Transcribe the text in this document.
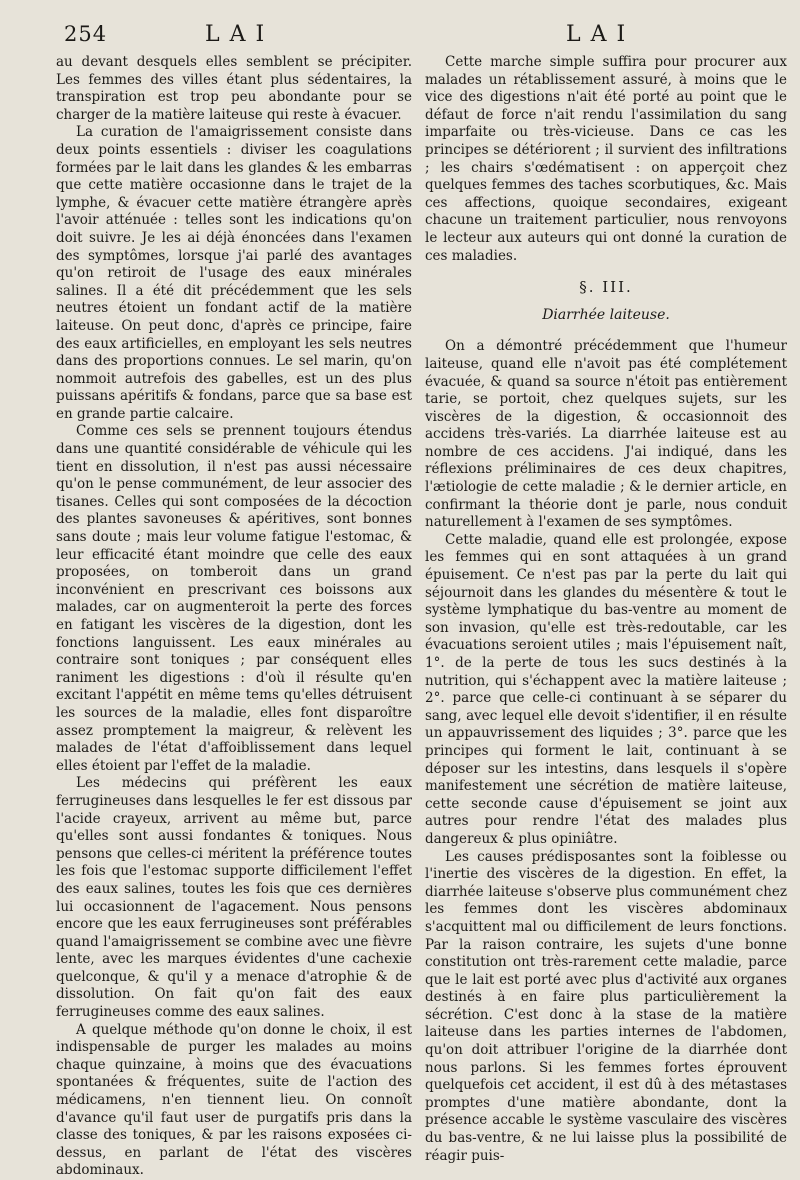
254	LAI	LAI

au devant desquels elles semblent se précipiter. Les femmes des villes étant plus sédentaires, la transpiration est trop peu abondante pour se charger de la matière laiteuse qui reste à évacuer.

La curation de l'amaigrissement consiste dans deux points essentiels : diviser les coagulations formées par le lait dans les glandes & les embarras que cette matière occasionne dans le trajet de la lymphe, & évacuer cette matière étrangère après l'avoir atténuée : telles sont les indications qu'on doit suivre. Je les ai déjà énoncées dans l'examen des symptômes, lorsque j'ai parlé des avantages qu'on retiroit de l'usage des eaux minérales salines. Il a été dit précédemment que les sels neutres étoient un fondant actif de la matière laiteuse. On peut donc, d'après ce principe, faire des eaux artificielles, en employant les sels neutres dans des proportions connues. Le sel marin, qu'on nommoit autrefois des gabelles, est un des plus puissans apéritifs & fondans, parce que sa base est en grande partie calcaire.

Comme ces sels se prennent toujours étendus dans une quantité considérable de véhicule qui les tient en dissolution, il n'est pas aussi nécessaire qu'on le pense communément, de leur associer des tisanes. Celles qui sont composées de la décoction des plantes savoneuses & apéritives, sont bonnes sans doute ; mais leur volume fatigue l'estomac, & leur efficacité étant moindre que celle des eaux proposées, on tomberoit dans un grand inconvénient en prescrivant ces boissons aux malades, car on augmenteroit la perte des forces en fatigant les viscères de la digestion, dont les fonctions languissent. Les eaux minérales au contraire sont toniques ; par conséquent elles raniment les digestions : d'où il résulte qu'en excitant l'appétit en même tems qu'elles détruisent les sources de la maladie, elles font disparoître assez promptement la maigreur, & relèvent les malades de l'état d'affoiblissement dans lequel elles étoient par l'effet de la maladie.

Les médecins qui préfèrent les eaux ferrugineuses dans lesquelles le fer est dissous par l'acide crayeux, arrivent au même but, parce qu'elles sont aussi fondantes & toniques. Nous pensons que celles-ci méritent la préférence toutes les fois que l'estomac supporte difficilement l'effet des eaux salines, toutes les fois que ces dernières lui occasionnent de l'agacement. Nous pensons encore que les eaux ferrugineuses sont préférables quand l'amaigrissement se combine avec une fièvre lente, avec les marques évidentes d'une cachexie quelconque, & qu'il y a menace d'atrophie & de dissolution. On fait qu'on fait des eaux ferrugineuses comme des eaux salines.

A quelque méthode qu'on donne le choix, il est indispensable de purger les malades au moins chaque quinzaine, à moins que des évacuations spontanées & fréquentes, suite de l'action des médicamens, n'en tiennent lieu. On connoît d'avance qu'il faut user de purgatifs pris dans la classe des toniques, & par les raisons exposées ci-dessus, en parlant de l'état des viscères abdominaux.

Cette marche simple suffira pour procurer aux malades un rétablissement assuré, à moins que le vice des digestions n'ait été porté au point que le défaut de force n'ait rendu l'assimilation du sang imparfaite ou très-vicieuse. Dans ce cas les principes se détériorent ; il survient des infiltrations ; les chairs s'œdématisent : on apperçoit chez quelques femmes des taches scorbutiques, &c. Mais ces affections, quoique secondaires, exigeant chacune un traitement particulier, nous renvoyons le lecteur aux auteurs qui ont donné la curation de ces maladies.

§. III.
Diarrhée laiteuse.

On a démontré précédemment que l'humeur laiteuse, quand elle n'avoit pas été complétement évacuée, & quand sa source n'étoit pas entièrement tarie, se portoit, chez quelques sujets, sur les viscères de la digestion, & occasionnoit des accidens très-variés. La diarrhée laiteuse est au nombre de ces accidens. J'ai indiqué, dans les réflexions préliminaires de ces deux chapitres, l'ætiologie de cette maladie ; & le dernier article, en confirmant la théorie dont je parle, nous conduit naturellement à l'examen de ses symptômes.

Cette maladie, quand elle est prolongée, expose les femmes qui en sont attaquées à un grand épuisement. Ce n'est pas par la perte du lait qui séjournoit dans les glandes du mésentère & tout le système lymphatique du bas-ventre au moment de son invasion, qu'elle est très-redoutable, car les évacuations seroient utiles ; mais l'épuisement naît, 1°. de la perte de tous les sucs destinés à la nutrition, qui s'échappent avec la matière laiteuse ; 2°. parce que celle-ci continuant à se séparer du sang, avec lequel elle devoit s'identifier, il en résulte un appauvrissement des liquides ; 3°. parce que les principes qui forment le lait, continuant à se déposer sur les intestins, dans lesquels il s'opère manifestement une sécrétion de matière laiteuse, cette seconde cause d'épuisement se joint aux autres pour rendre l'état des malades plus dangereux & plus opiniâtre.

Les causes prédisposantes sont la foiblesse ou l'inertie des viscères de la digestion. En effet, la diarrhée laiteuse s'observe plus communément chez les femmes dont les viscères abdominaux s'acquittent mal ou difficilement de leurs fonctions. Par la raison contraire, les sujets d'une bonne constitution ont très-rarement cette maladie, parce que le lait est porté avec plus d'activité aux organes destinés à en faire plus particulièrement la sécrétion. C'est donc à la stase de la matière laiteuse dans les parties internes de l'abdomen, qu'on doit attribuer l'origine de la diarrhée dont nous parlons. Si les femmes fortes éprouvent quelquefois cet accident, il est dû à des métastases promptes d'une matière abondante, dont la présence accable le système vasculaire des viscères du bas-ventre, & ne lui laisse plus la possibilité de réagir puis-
